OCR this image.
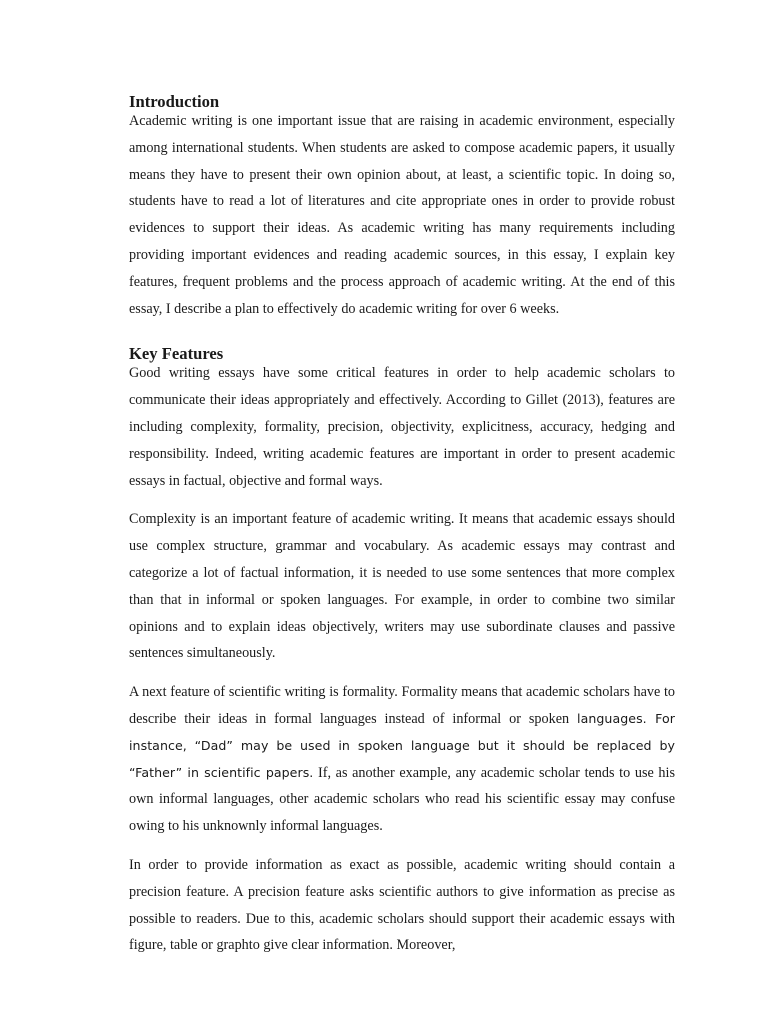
Introduction

Academic writing is one important issue that are raising in academic environment, especially among international students. When students are asked to compose academic papers, it usually means they have to present their own opinion about, at least, a scientific topic. In doing so, students have to read a lot of literatures and cite appropriate ones in order to provide robust evidences to support their ideas. As academic writing has many requirements including providing important evidences and reading academic sources, in this essay, I explain key features, frequent problems and the process approach of academic writing. At the end of this essay, I describe a plan to effectively do academic writing for over 6 weeks.

Key Features

Good writing essays have some critical features in order to help academic scholars to communicate their ideas appropriately and effectively. According to Gillet (2013), features are including complexity, formality, precision, objectivity, explicitness, accuracy, hedging and responsibility. Indeed, writing academic features are important in order to present academic essays in factual, objective and formal ways.

Complexity is an important feature of academic writing. It means that academic essays should use complex structure, grammar and vocabulary. As academic essays may contrast and categorize a lot of factual information, it is needed to use some sentences that more complex than that in informal or spoken languages. For example, in order to combine two similar opinions and to explain ideas objectively, writers may use subordinate clauses and passive sentences simultaneously.

A next feature of scientific writing is formality. Formality means that academic scholars have to describe their ideas in formal languages instead of informal or spoken languages. For instance, “Dad” may be used in spoken language but it should be replaced by “Father” in scientific papers. If, as another example, any academic scholar tends to use his own informal languages, other academic scholars who read his scientific essay may confuse owing to his unknownly informal languages.

In order to provide information as exact as possible, academic writing should contain a precision feature. A precision feature asks scientific authors to give information as precise as possible to readers. Due to this, academic scholars should support their academic essays with figure, table or graphto give clear information. Moreover,
